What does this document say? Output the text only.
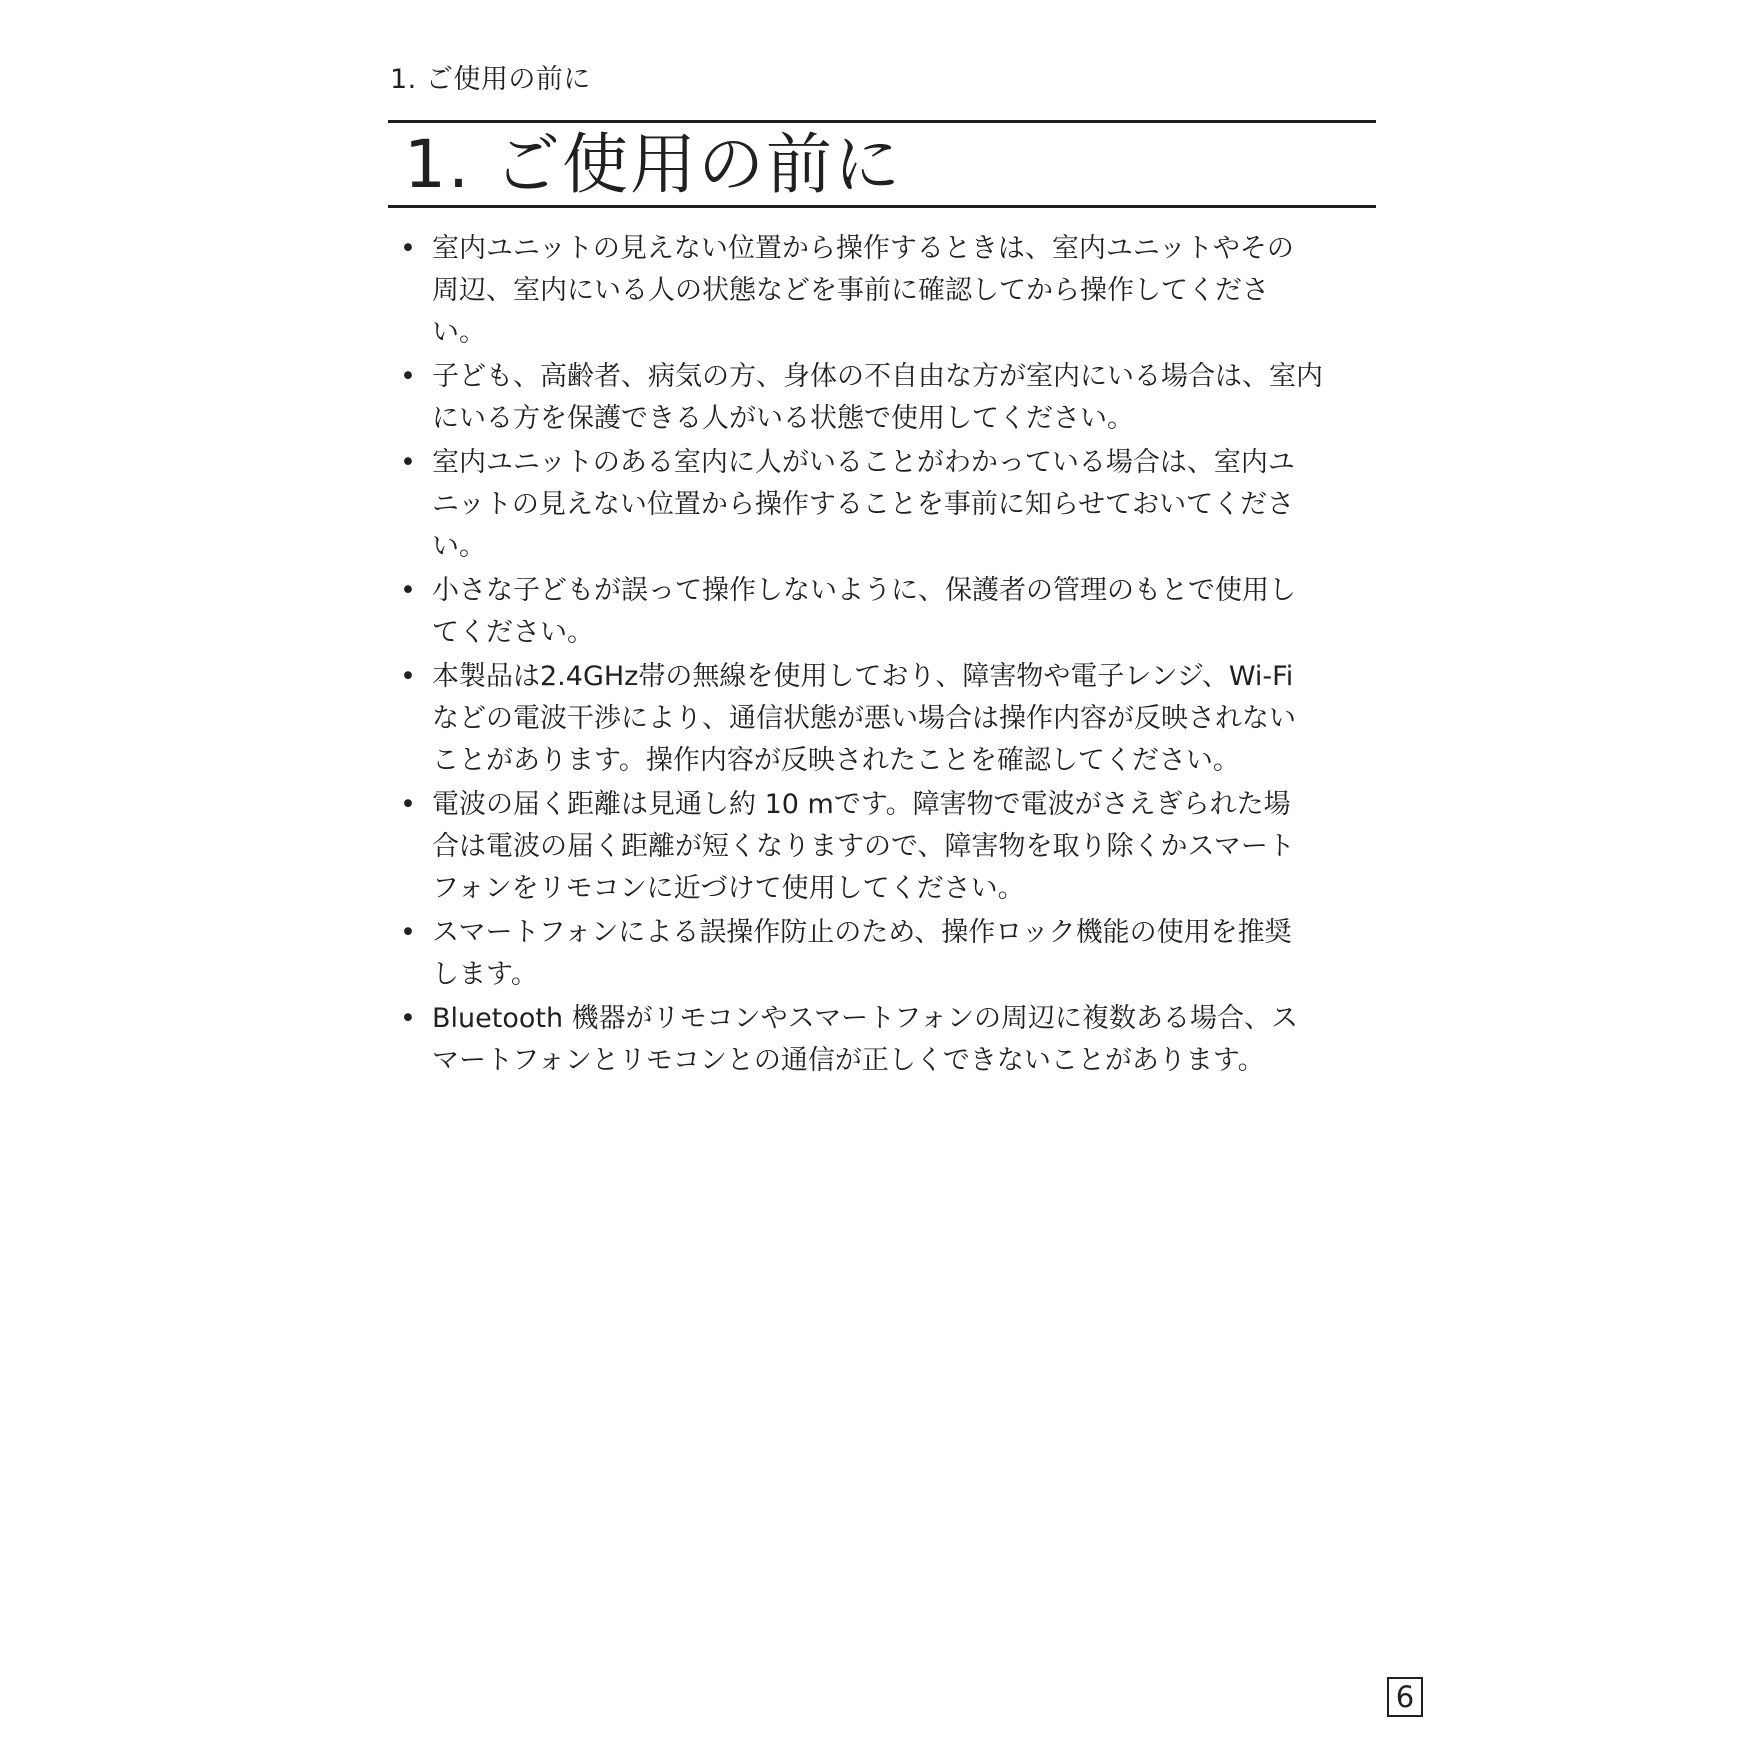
1. ご使用の前に
1. ご使用の前に
• 室内ユニットの見えない位置から操作するときは、室内ユニットやその
周辺、室内にいる人の状態などを事前に確認してから操作してくださ
い。
• 子ども、高齢者、病気の方、身体の不自由な方が室内にいる場合は、室内
にいる方を保護できる人がいる状態で使用してください。
• 室内ユニットのある室内に人がいることがわかっている場合は、室内ユ
ニットの見えない位置から操作することを事前に知らせておいてくださ
い。
• 小さな子どもが誤って操作しないように、保護者の管理のもとで使用し
てください。
• 本製品は2.4GHz帯の無線を使用しており、障害物や電子レンジ、Wi-Fi
などの電波干渉により、通信状態が悪い場合は操作内容が反映されない
ことがあります。操作内容が反映されたことを確認してください。
• 電波の届く距離は見通し約 10 mです。障害物で電波がさえぎられた場
合は電波の届く距離が短くなりますので、障害物を取り除くかスマート
フォンをリモコンに近づけて使用してください。
• スマートフォンによる誤操作防止のため、操作ロック機能の使用を推奨
します。
• Bluetooth 機器がリモコンやスマートフォンの周辺に複数ある場合、ス
マートフォンとリモコンとの通信が正しくできないことがあります。
6
